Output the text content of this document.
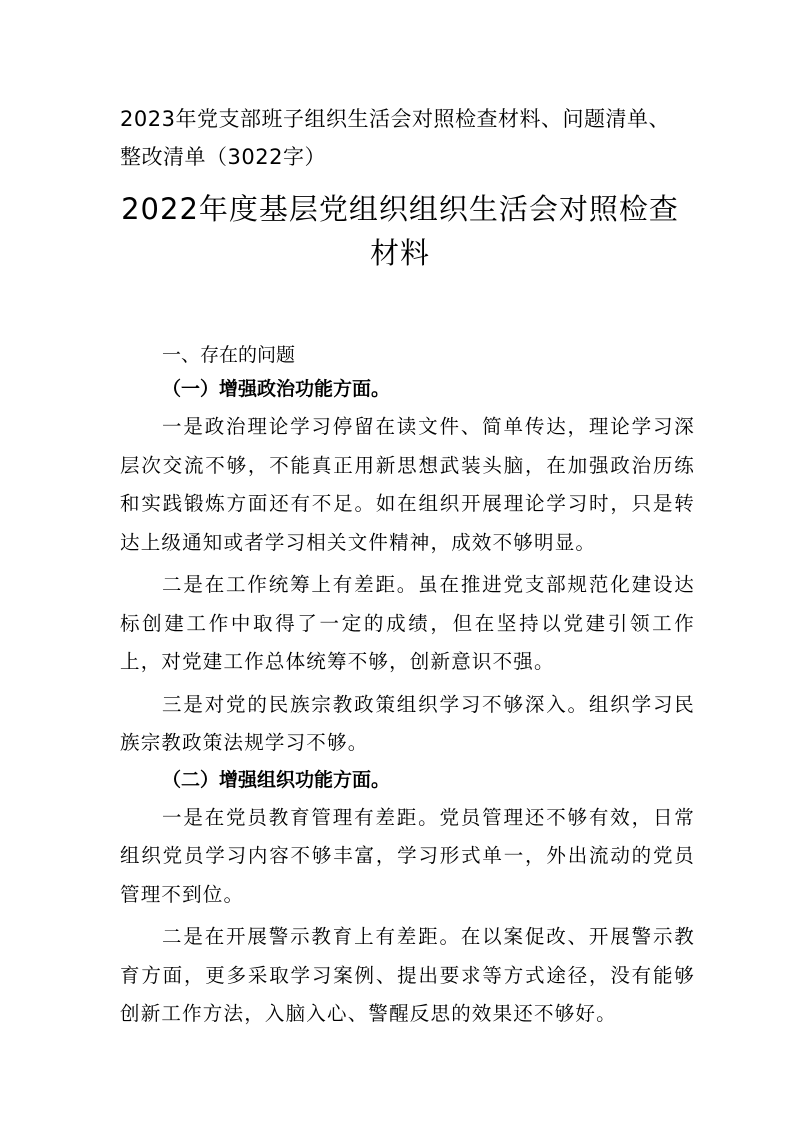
2023年党支部班子组织生活会对照检查材料、问题清单、整改清单（3022字）
2022年度基层党组织组织生活会对照检查材料

一、存在的问题

（一）增强政治功能方面。

一是政治理论学习停留在读文件、简单传达，理论学习深层次交流不够，不能真正用新思想武装头脑，在加强政治历练和实践锻炼方面还有不足。如在组织开展理论学习时，只是转达上级通知或者学习相关文件精神，成效不够明显。

二是在工作统筹上有差距。虽在推进党支部规范化建设达标创建工作中取得了一定的成绩，但在坚持以党建引领工作上，对党建工作总体统筹不够，创新意识不强。

三是对党的民族宗教政策组织学习不够深入。组织学习民族宗教政策法规学习不够。

（二）增强组织功能方面。

一是在党员教育管理有差距。党员管理还不够有效，日常组织党员学习内容不够丰富，学习形式单一，外出流动的党员管理不到位。

二是在开展警示教育上有差距。在以案促改、开展警示教育方面，更多采取学习案例、提出要求等方式途径，没有能够创新工作方法，入脑入心、警醒反思的效果还不够好。
